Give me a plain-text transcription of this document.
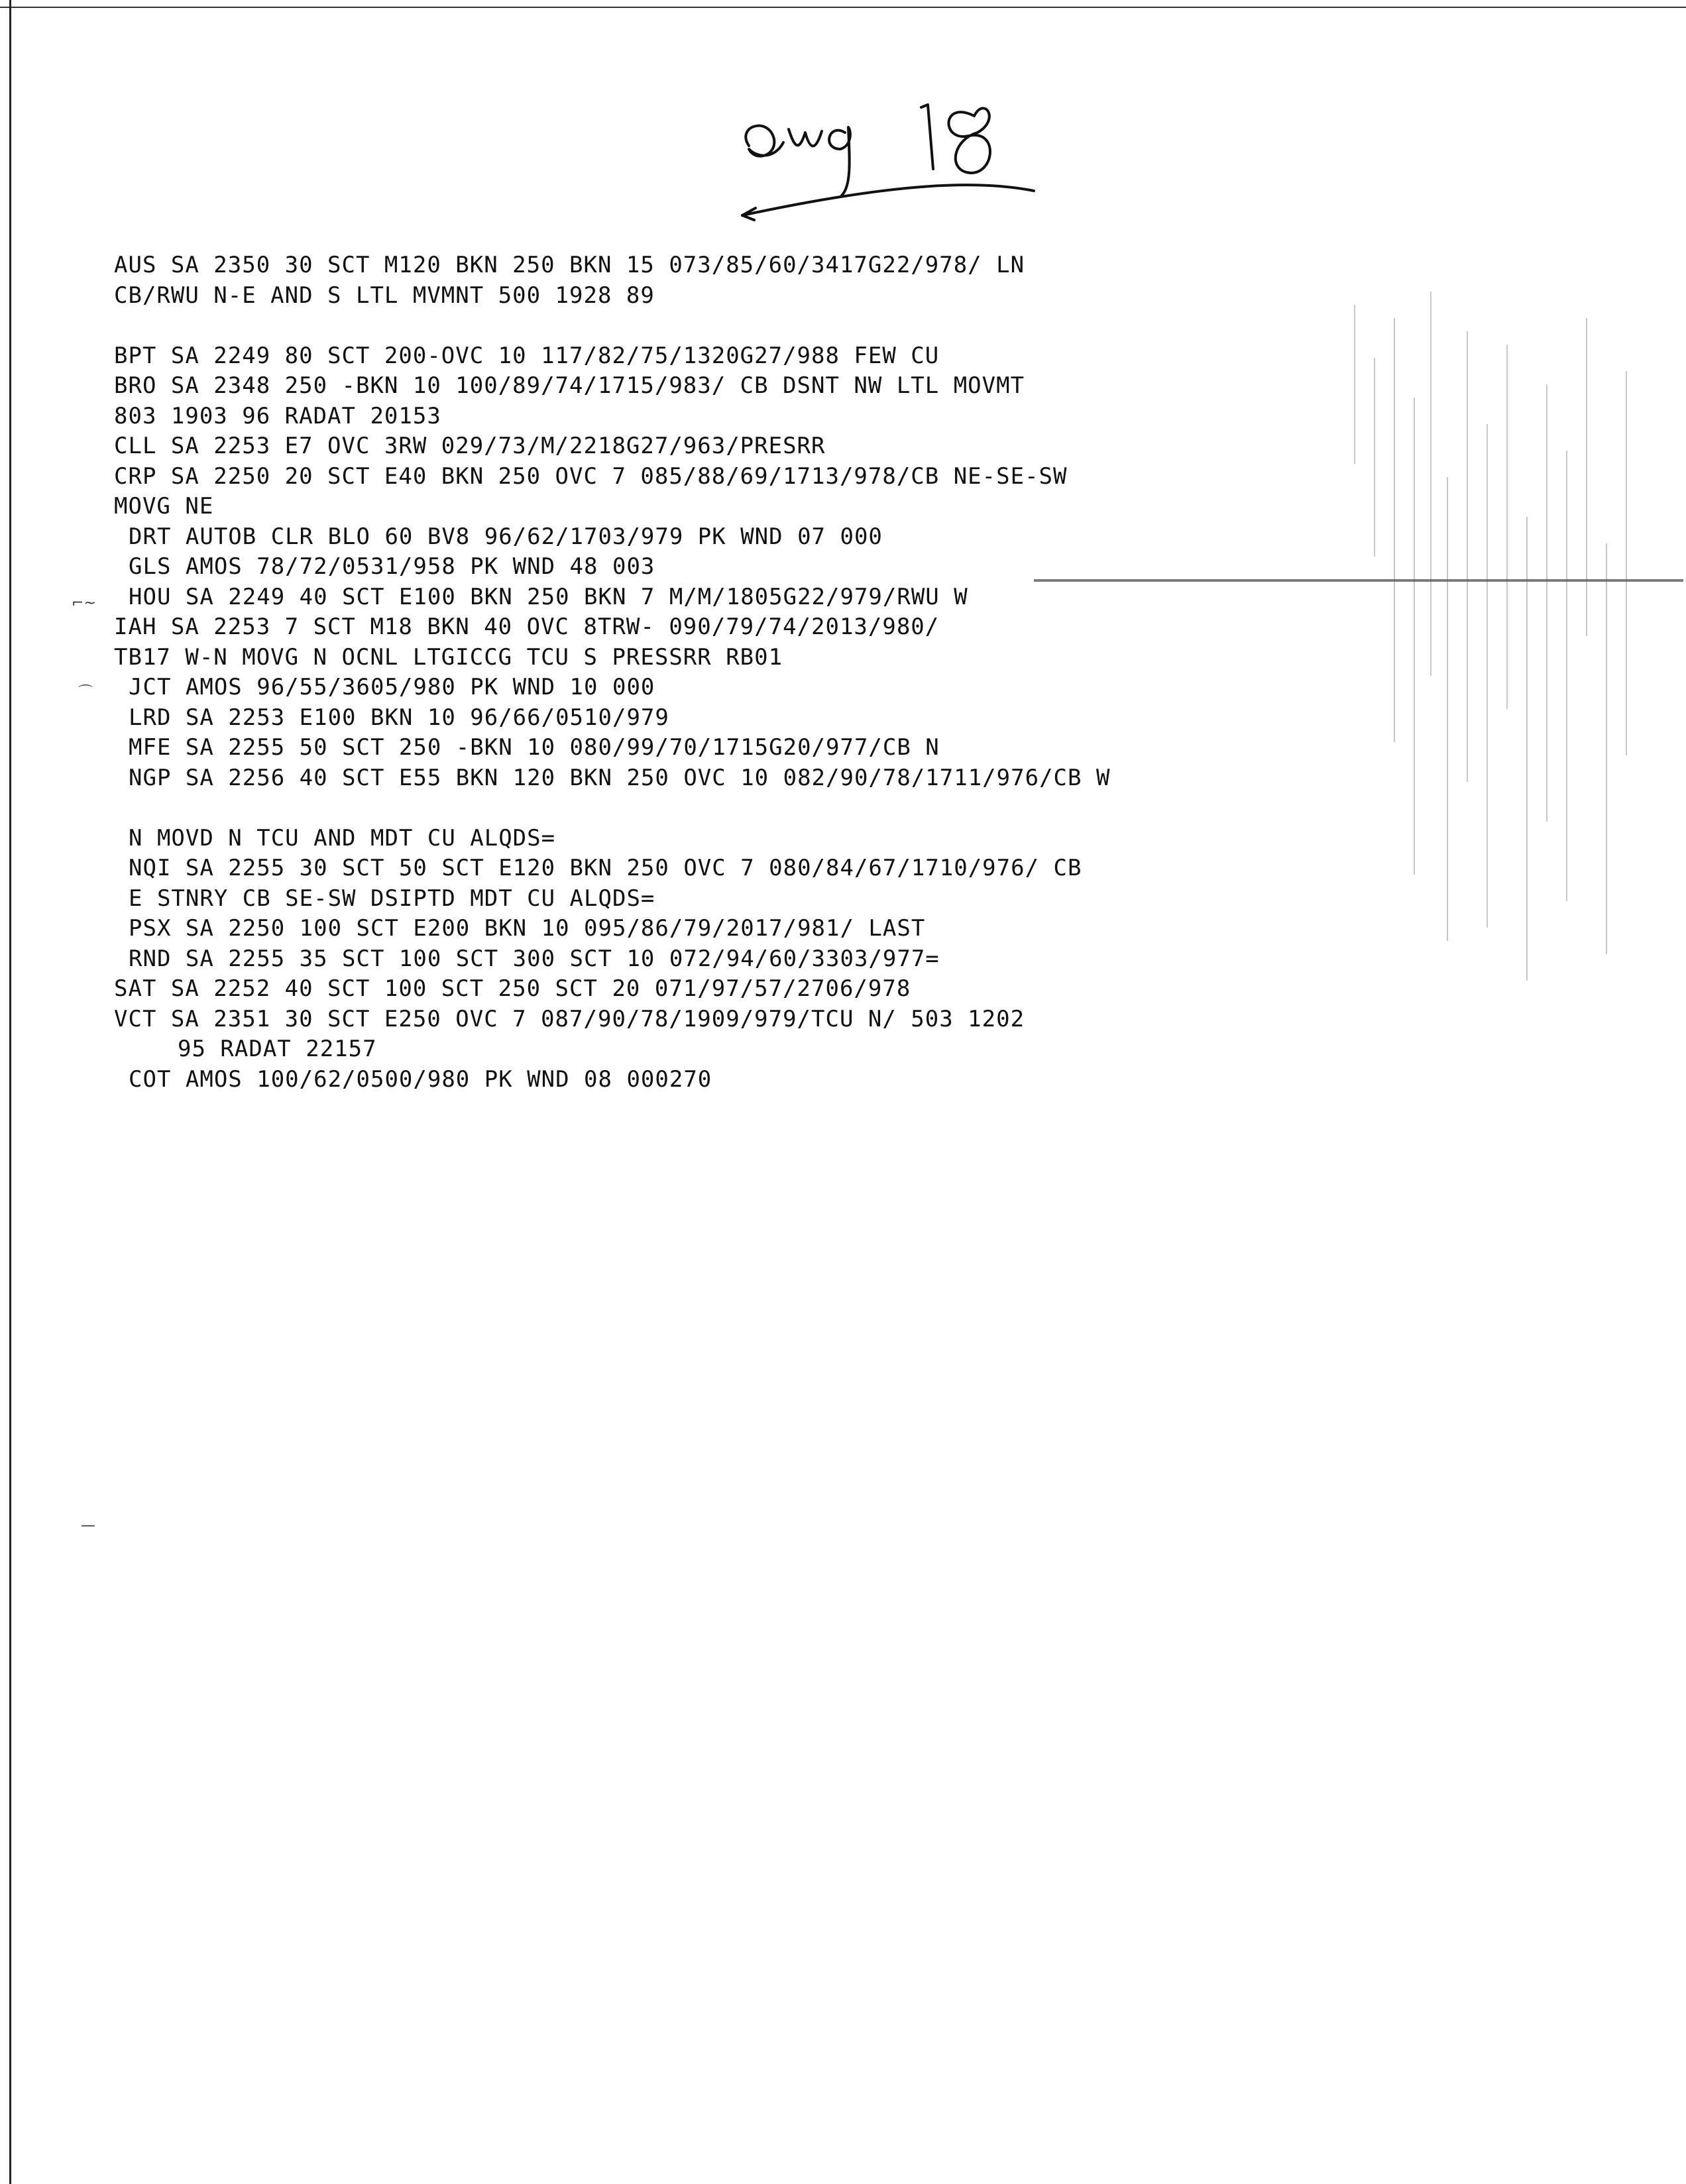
⌐~
⌒
—
AUS SA 2350 30 SCT M120 BKN 250 BKN 15 073/85/60/3417G22/978/ LN
CB/RWU N-E AND S LTL MVMNT 500 1928 89
BPT SA 2249 80 SCT 200-OVC 10 117/82/75/1320G27/988 FEW CU
BRO SA 2348 250 -BKN 10 100/89/74/1715/983/ CB DSNT NW LTL MOVMT
803 1903 96 RADAT 20153
CLL SA 2253 E7 OVC 3RW 029/73/M/2218G27/963/PRESRR
CRP SA 2250 20 SCT E40 BKN 250 OVC 7 085/88/69/1713/978/CB NE-SE-SW
MOVG NE
DRT AUTOB CLR BLO 60 BV8 96/62/1703/979 PK WND 07 000
GLS AMOS 78/72/0531/958 PK WND 48 003
HOU SA 2249 40 SCT E100 BKN 250 BKN 7 M/M/1805G22/979/RWU W
IAH SA 2253 7 SCT M18 BKN 40 OVC 8TRW- 090/79/74/2013/980/
TB17 W-N MOVG N OCNL LTGICCG TCU S PRESSRR RB01
JCT AMOS 96/55/3605/980 PK WND 10 000
LRD SA 2253 E100 BKN 10 96/66/0510/979
MFE SA 2255 50 SCT 250 -BKN 10 080/99/70/1715G20/977/CB N
NGP SA 2256 40 SCT E55 BKN 120 BKN 250 OVC 10 082/90/78/1711/976/CB W
N MOVD N TCU AND MDT CU ALQDS=
NQI SA 2255 30 SCT 50 SCT E120 BKN 250 OVC 7 080/84/67/1710/976/ CB
E STNRY CB SE-SW DSIPTD MDT CU ALQDS=
PSX SA 2250 100 SCT E200 BKN 10 095/86/79/2017/981/ LAST
RND SA 2255 35 SCT 100 SCT 300 SCT 10 072/94/60/3303/977=
SAT SA 2252 40 SCT 100 SCT 250 SCT 20 071/97/57/2706/978
VCT SA 2351 30 SCT E250 OVC 7 087/90/78/1909/979/TCU N/ 503 1202
95 RADAT 22157
COT AMOS 100/62/0500/980 PK WND 08 000270
